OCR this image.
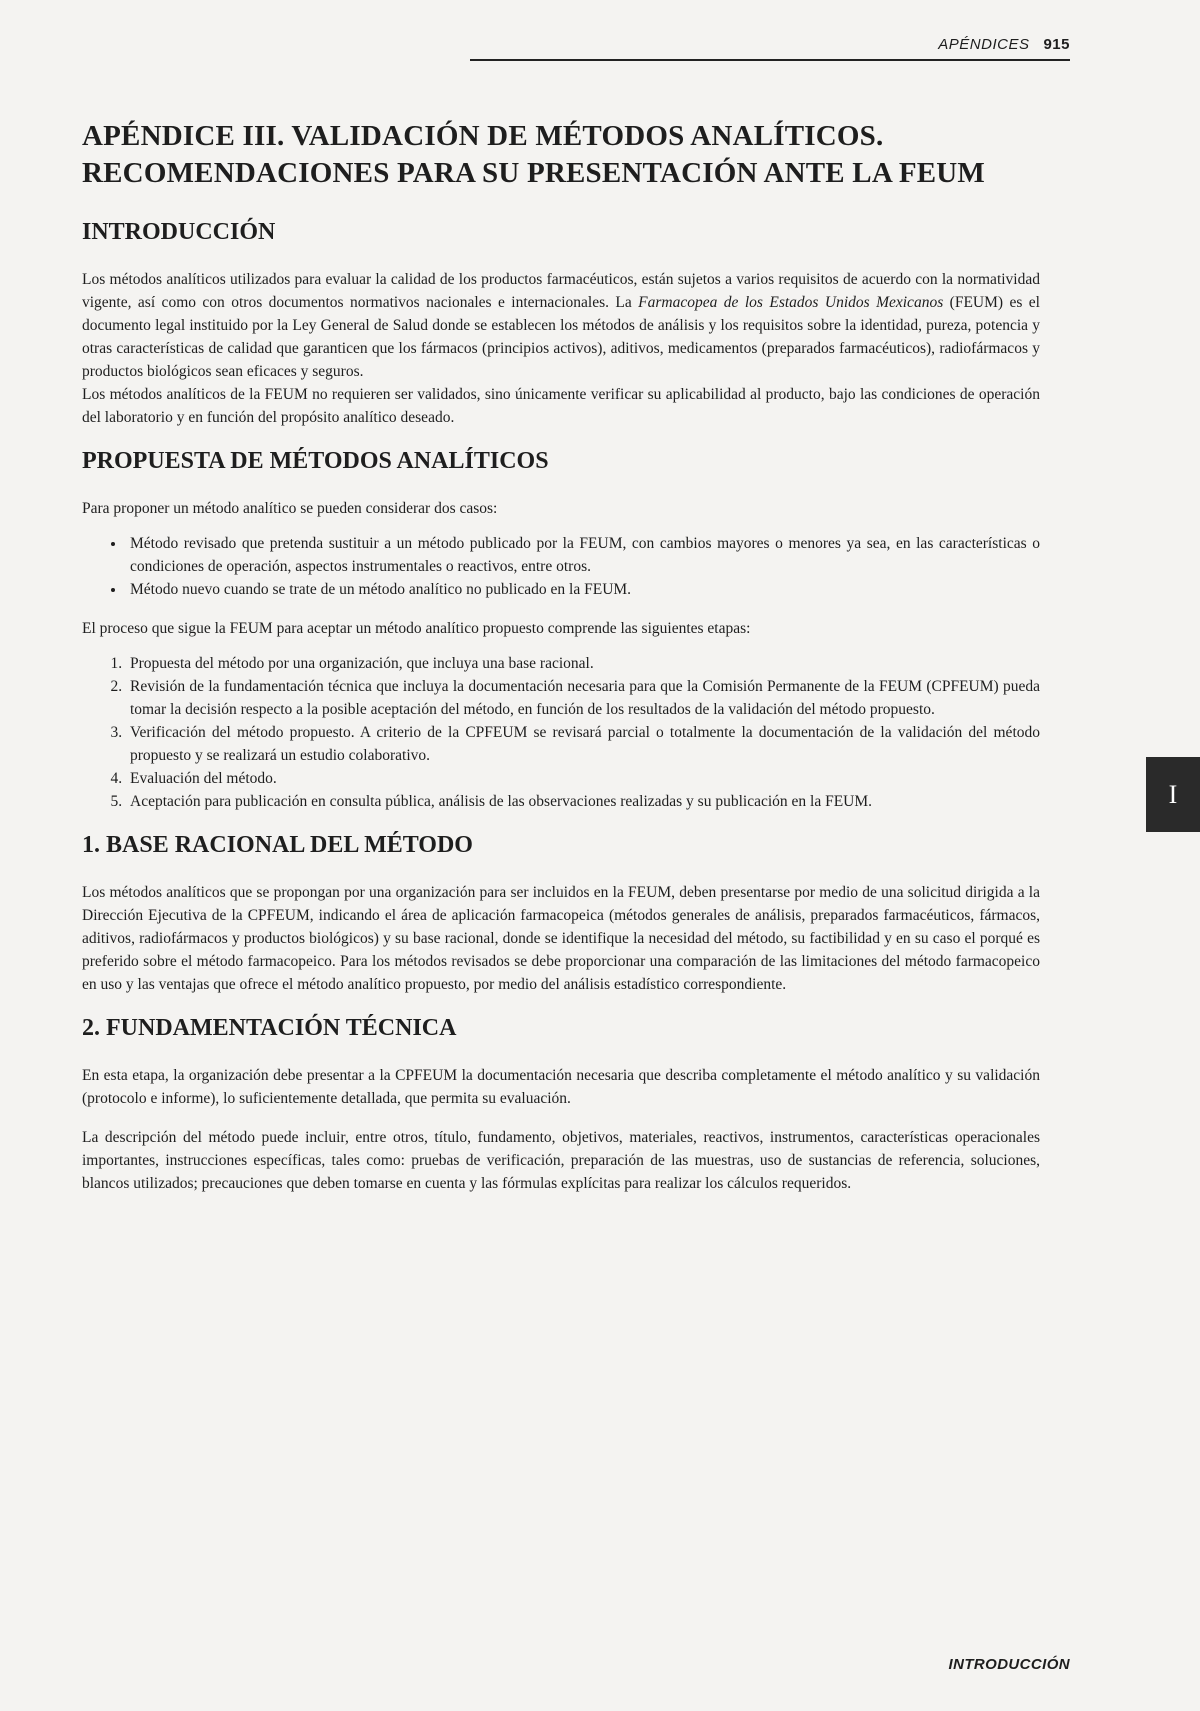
APÉNDICES 915
APÉNDICE III. VALIDACIÓN DE MÉTODOS ANALÍTICOS.
RECOMENDACIONES PARA SU PRESENTACIÓN ANTE LA FEUM
INTRODUCCIÓN

Los métodos analíticos utilizados para evaluar la calidad de los productos farmacéuticos, están sujetos a varios requisitos de acuerdo con la normatividad vigente, así como con otros documentos normativos nacionales e internacionales. La Farmacopea de los Estados Unidos Mexicanos (FEUM) es el documento legal instituido por la Ley General de Salud donde se establecen los métodos de análisis y los requisitos sobre la identidad, pureza, potencia y otras características de calidad que garanticen que los fármacos (principios activos), aditivos, medicamentos (preparados farmacéuticos), radiofármacos y productos biológicos sean eficaces y seguros.

Los métodos analíticos de la FEUM no requieren ser validados, sino únicamente verificar su aplicabilidad al producto, bajo las condiciones de operación del laboratorio y en función del propósito analítico deseado.

PROPUESTA DE MÉTODOS ANALÍTICOS

Para proponer un método analítico se pueden considerar dos casos:

• Método revisado que pretenda sustituir a un método publicado por la FEUM, con cambios mayores o menores ya sea, en las características o condiciones de operación, aspectos instrumentales o reactivos, entre otros.
• Método nuevo cuando se trate de un método analítico no publicado en la FEUM.

El proceso que sigue la FEUM para aceptar un método analítico propuesto comprende las siguientes etapas:

1. Propuesta del método por una organización, que incluya una base racional.
2. Revisión de la fundamentación técnica que incluya la documentación necesaria para que la Comisión Permanente de la FEUM (CPFEUM) pueda tomar la decisión respecto a la posible aceptación del método, en función de los resultados de la validación del método propuesto.
3. Verificación del método propuesto. A criterio de la CPFEUM se revisará parcial o totalmente la documentación de la validación del método propuesto y se realizará un estudio colaborativo.
4. Evaluación del método.
5. Aceptación para publicación en consulta pública, análisis de las observaciones realizadas y su publicación en la FEUM.
1. BASE RACIONAL DEL MÉTODO

Los métodos analíticos que se propongan por una organización para ser incluidos en la FEUM, deben presentarse por medio de una solicitud dirigida a la Dirección Ejecutiva de la CPFEUM, indicando el área de aplicación farmacopeica (métodos generales de análisis, preparados farmacéuticos, fármacos, aditivos, radiofármacos y productos biológicos) y su base racional, donde se identifique la necesidad del método, su factibilidad y en su caso el porqué es preferido sobre el método farmacopeico. Para los métodos revisados se debe proporcionar una comparación de las limitaciones del método farmacopeico en uso y las ventajas que ofrece el método analítico propuesto, por medio del análisis estadístico correspondiente.

2. FUNDAMENTACIÓN TÉCNICA

En esta etapa, la organización debe presentar a la CPFEUM la documentación necesaria que describa completamente el método analítico y su validación (protocolo e informe), lo suficientemente detallada, que permita su evaluación.

La descripción del método puede incluir, entre otros, título, fundamento, objetivos, materiales, reactivos, instrumentos, características operacionales importantes, instrucciones específicas, tales como: pruebas de verificación, preparación de las muestras, uso de sustancias de referencia, soluciones, blancos utilizados; precauciones que deben tomarse en cuenta y las fórmulas explícitas para realizar los cálculos requeridos.

I
INTRODUCCIÓN
